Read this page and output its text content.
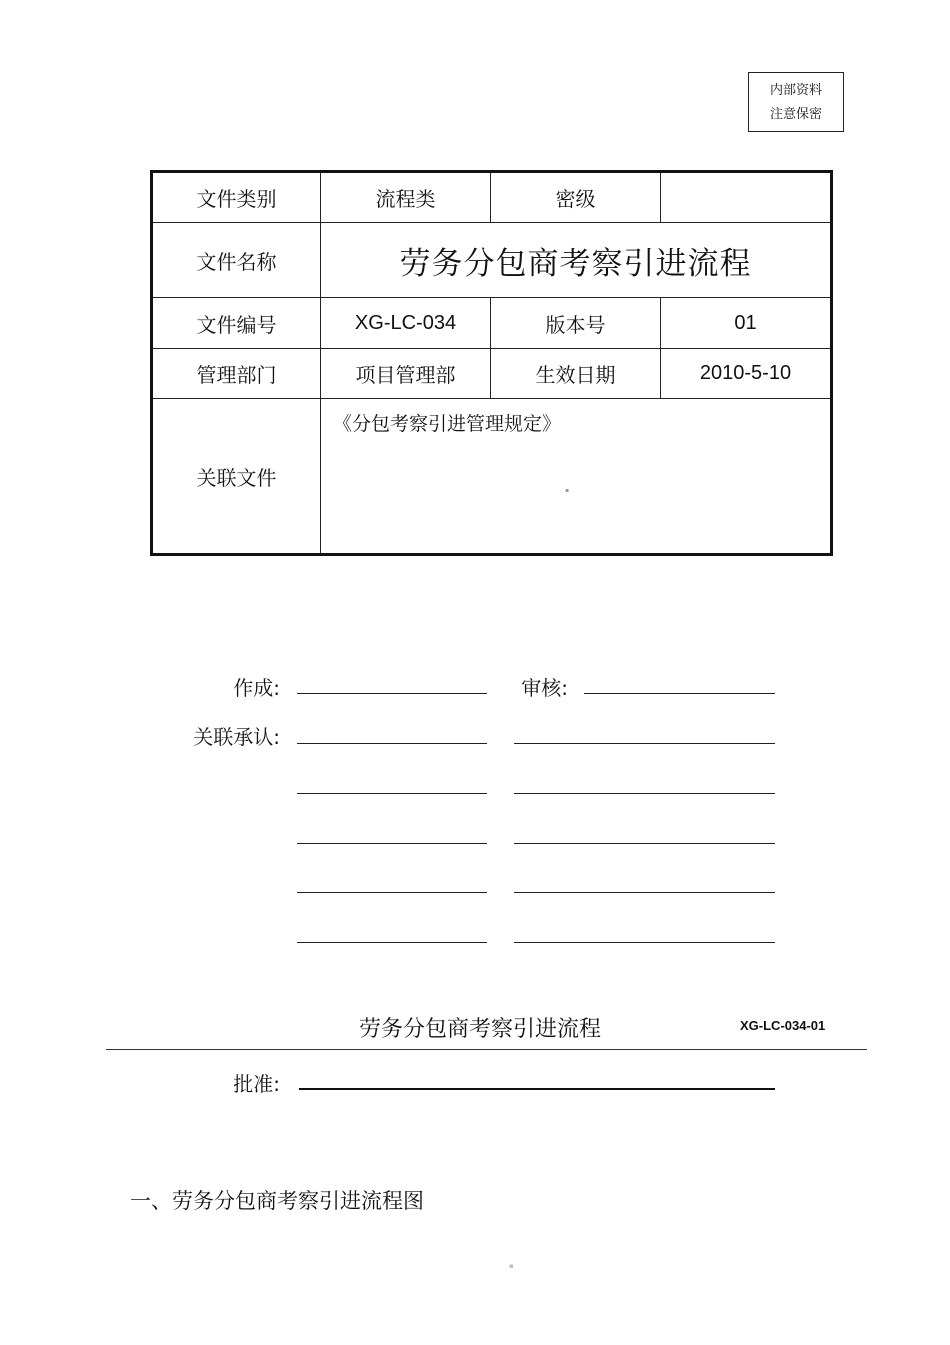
内部资料
注意保密
文件类别	流程类	密级	
文件名称	劳务分包商考察引进流程		
文件编号	XG-LC-034	版本号	01
管理部门	项目管理部	生效日期	2010-5-10
关联文件	《分包考察引进管理规定》
▪		
作成:	审核:
关联承认:
劳务分包商考察引进流程	XG-LC-034-01
批准:
一、劳务分包商考察引进流程图
▪
